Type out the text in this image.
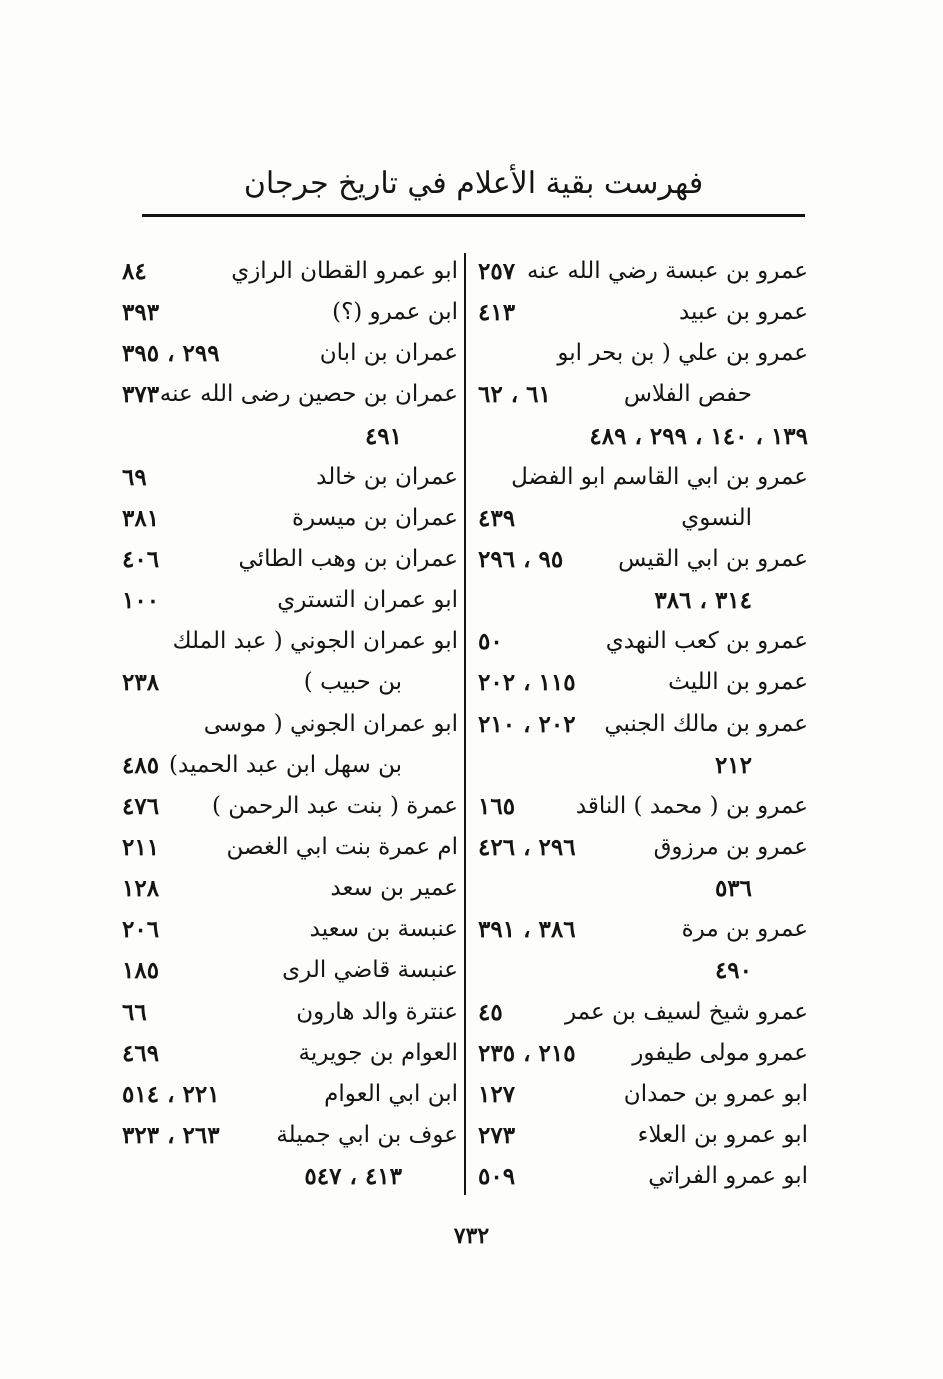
فهرست بقية الأعلام في تاريخ جرجان
عمرو بن عبسة رضي الله عنه
٢٥٧
عمرو بن عبيد
٤١٣
عمرو بن علي ( بن بحر ابو
حفص الفلاس
٦١ ، ٦٢
١٣٩ ، ١٤٠ ، ٢٩٩ ، ٤٨٩
عمرو بن ابي القاسم ابو الفضل
النسوي
٤٣٩
عمرو بن ابي القيس
٩٥ ، ٢٩٦
٣١٤ ، ٣٨٦
عمرو بن كعب النهدي
٥٠
عمرو بن الليث
١١٥ ، ٢٠٢
عمرو بن مالك الجنبي
٢٠٢ ، ٢١٠
٢١٢
عمرو بن ( محمد ) الناقد
١٦٥
عمرو بن مرزوق
٢٩٦ ، ٤٢٦
٥٣٦
عمرو بن مرة
٣٨٦ ، ٣٩١
٤٩٠
عمرو شيخ لسيف بن عمر
٤٥
عمرو مولى طيفور
٢١٥ ، ٢٣٥
ابو عمرو بن حمدان
١٢٧
ابو عمرو بن العلاء
٢٧٣
ابو عمرو الفراتي
٥٠٩
ابو عمرو القطان الرازي
٨٤
ابن عمرو (؟)
٣٩٣
عمران بن ابان
٢٩٩ ، ٣٩٥
عمران بن حصين رضى الله عنه
٣٧٣
٤٩١
عمران بن خالد
٦٩
عمران بن ميسرة
٣٨١
عمران بن وهب الطائي
٤٠٦
ابو عمران التستري
١٠٠
ابو عمران الجوني ( عبد الملك
بن حبيب )
٢٣٨
ابو عمران الجوني ( موسى
بن سهل ابن عبد الحميد)
٤٨٥
عمرة ( بنت عبد الرحمن )
٤٧٦
ام عمرة بنت ابي الغصن
٢١١
عمير بن سعد
١٢٨
عنبسة بن سعيد
٢٠٦
عنبسة قاضي الرى
١٨٥
عنترة والد هارون
٦٦
العوام بن جويرية
٤٦٩
ابن ابي العوام
٢٢١ ، ٥١٤
عوف بن ابي جميلة
٢٦٣ ، ٣٢٣
٤١٣ ، ٥٤٧
٧٣٢
